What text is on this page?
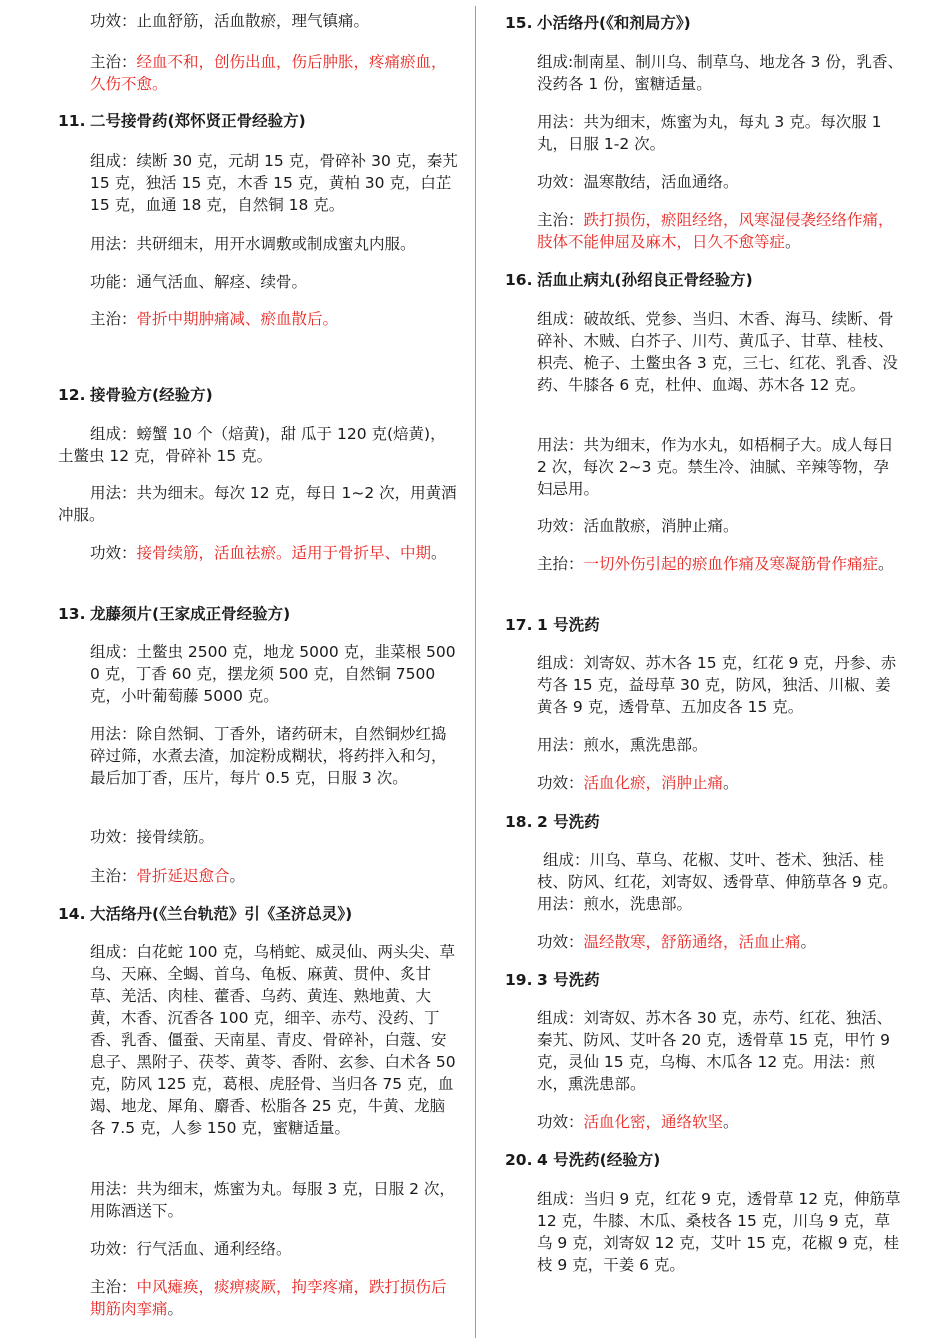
功效：止血舒筋，活血散瘀，理气镇痛。
主治：经血不和，创伤出血，伤后肿胀，疼痛瘀血，久伤不愈。
11. 二号接骨药(郑怀贤正骨经验方)
组成：续断 30 克，元胡 15 克，骨碎补 30 克，秦艽 15 克，独活 15 克，木香 15 克，黄柏 30 克，白芷 15 克，血通 18 克，自然铜 18 克。
用法：共研细末，用开水调敷或制成蜜丸内服。
功能：通气活血、解痉、续骨。
主治：骨折中期肿痛减、瘀血散后。
12. 接骨验方(经验方)
组成：螃蟹 10 个（焙黄)，甜 瓜于 120 克(焙黄)，土鳖虫 12 克，骨碎补 15 克。
用法：共为细末。每次 12 克，每日 1~2 次，用黄酒冲服。
功效：接骨续筋，活血祛瘀。适用于骨折早、中期。
13. 龙藤须片(王家成正骨经验方)
组成：土鳖虫 2500 克，地龙 5000 克，韭菜根 5000 克，丁香 60 克，摆龙须 500 克，自然铜 7500 克，小叶葡萄藤 5000 克。
用法：除自然铜、丁香外，诸药研末，自然铜炒红捣碎过筛，水煮去渣，加淀粉成糊状，将药拌入和匀，最后加丁香，压片，每片 0.5 克，日服 3 次。
功效：接骨续筋。
主治：骨折延迟愈合。
14. 大活络丹(《兰台轨范》引《圣济总灵》)
组成：白花蛇 100 克，乌梢蛇、威灵仙、两头尖、草乌、天麻、全蝎、首乌、龟板、麻黄、贯仲、炙甘草、羌活、肉桂、藿香、乌药、黄连、熟地黄、大黄，木香、沉香各 100 克，细辛、赤芍、没药、丁香、乳香、僵蚕、天南星、青皮、骨碎补，白蔻、安息子、黑附子、茯苓、黄苓、香附、玄参、白术各 50 克，防风 125 克，葛根、虎胫骨、当归各 75 克，血竭、地龙、犀角、麝香、松脂各 25 克，牛黄、龙脑各 7.5 克，人参 150 克，蜜糖适量。
用法：共为细末，炼蜜为丸。每服 3 克，日服 2 次，用陈酒送下。
功效：行气活血、通利经络。
主治：中风瘫痪，痰痹痰厥，拘孪疼痛，跌打损伤后期筋肉挛痛。
15. 小活络丹(《和剂局方》)
组成:制南星、制川乌、制草乌、地龙各 3 份，乳香、没药各 1 份，蜜糖适量。
用法：共为细末，炼蜜为丸，每丸 3 克。每次服 1 丸，日服 1-2 次。
功效：温寒散结，活血通络。
主治：跌打损伤，瘀阻经络，风寒湿侵袭经络作痛，肢体不能伸屈及麻木，日久不愈等症。
16. 活血止病丸(孙绍良正骨经验方)
组成：破故纸、党参、当归、木香、海马、续断、骨碎补、木贼、白芥子、川芍、黄瓜子、甘草、桂枝、枳壳、桅子、土鳖虫各 3 克，三七、红花、乳香、没药、牛膝各 6 克，杜仲、血竭、苏木各 12 克。
用法：共为细末，作为水丸，如梧桐子大。成人每日 2 次，每次 2~3 克。禁生冷、油腻、辛辣等物，孕妇忌用。
功效：活血散瘀，消肿止痛。
主抬：一切外伤引起的瘀血作痛及寒凝筋骨作痛症。
17. 1 号洗药
组成：刘寄奴、苏木各 15 克，红花 9 克，丹参、赤芍各 15 克，益母草 30 克，防风，独活、川椒、姜黄各 9 克，透骨草、五加皮各 15 克。
用法：煎水，熏洗患部。
功效：活血化瘀，消肿止痛。
18. 2 号洗药
组成：川乌、草乌、花椒、艾叶、苍术、独活、桂枝、防风、红花，刘寄奴、透骨草、伸筋草各 9 克。用法：煎水，洗患部。
功效：温经散寒，舒筋通络，活血止痛。
19. 3 号洗药
组成：刘寄奴、苏木各 30 克，赤芍、红花、独活、秦艽、防风、艾叶各 20 克，透骨草 15 克，甲竹 9 克，灵仙 15 克，乌梅、木瓜各 12 克。用法：煎水，熏洗患部。
功效：活血化密，通络软坚。
20. 4 号洗药(经验方)
组成：当归 9 克，红花 9 克，透骨草 12 克，伸筋草 12 克，牛膝、木瓜、桑枝各 15 克，川乌 9 克，草乌 9 克，刘寄奴 12 克，艾叶 15 克，花椒 9 克，桂枝 9 克，干姜 6 克。
